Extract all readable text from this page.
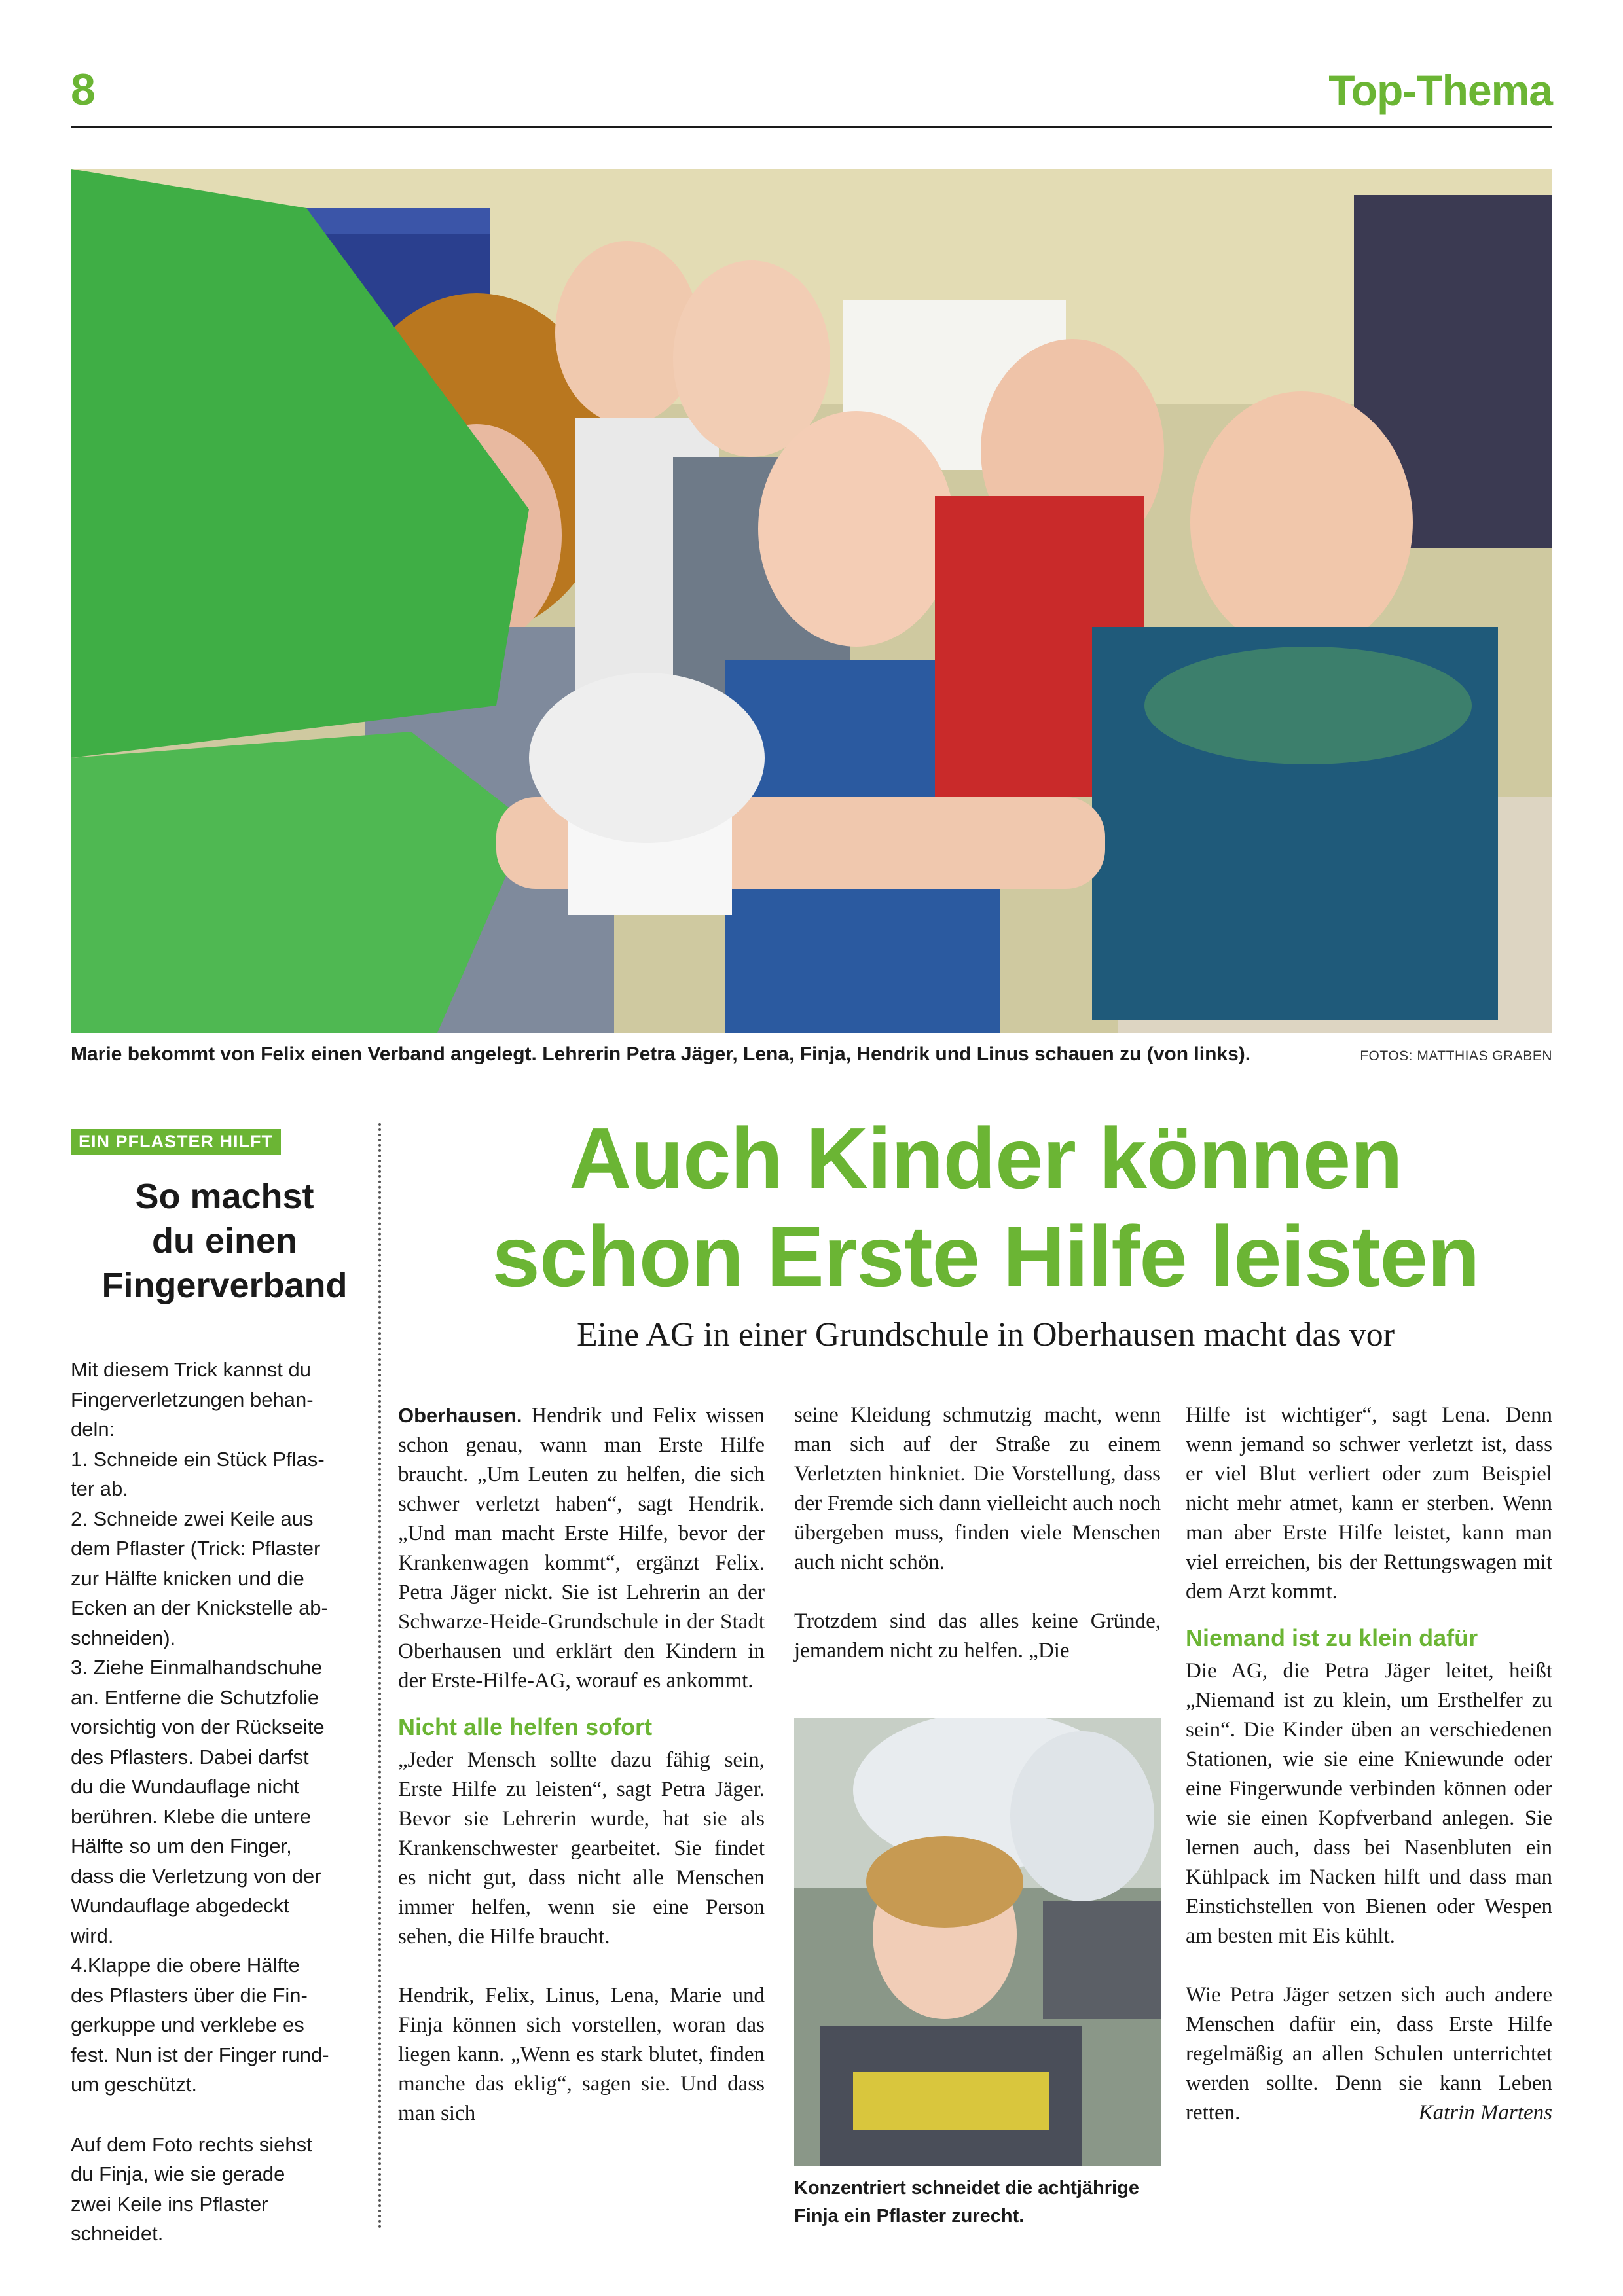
8	Top-Thema
Marie bekommt von Felix einen Verband angelegt. Lehrerin Petra Jäger, Lena, Finja, Hendrik und Linus schauen zu (von links).	FOTOS: MATTHIAS GRABEN
EIN PFLASTER HILFT
So machst
du einen
Fingerverband

Mit diesem Trick kannst du

Fingerverletzungen behan-

deln:

1. Schneide ein Stück Pflas-

ter ab.

2. Schneide zwei Keile aus

dem Pflaster (Trick: Pflaster

zur Hälfte knicken und die

Ecken an der Knickstelle ab-

schneiden).

3. Ziehe Einmalhandschuhe

an. Entferne die Schutzfolie

vorsichtig von der Rückseite

des Pflasters. Dabei darfst

du die Wundauflage nicht

berühren. Klebe die untere

Hälfte so um den Finger,

dass die Verletzung von der

Wundauflage abgedeckt

wird.

4.Klappe die obere Hälfte

des Pflasters über die Fin-

gerkuppe und verklebe es

fest. Nun ist der Finger rund-

um geschützt.

Auf dem Foto rechts siehst

du Finja, wie sie gerade

zwei Keile ins Pflaster

schneidet.

Auch Kinder können
schon Erste Hilfe leisten
Eine AG in einer Grundschule in Oberhausen macht das vor

Oberhausen. Hendrik und Felix wissen schon genau, wann man Erste Hilfe braucht. „Um Leuten zu helfen, die sich schwer verletzt haben“, sagt Hendrik. „Und man macht Erste Hilfe, bevor der Krankenwagen kommt“, ergänzt Felix. Petra Jäger nickt. Sie ist Lehrerin an der Schwarze-Heide-Grundschule in der Stadt Oberhausen und erklärt den Kindern in der Erste-Hilfe-AG, worauf es ankommt.

Nicht alle helfen sofort

„Jeder Mensch sollte dazu fähig sein, Erste Hilfe zu leisten“, sagt Petra Jäger. Bevor sie Lehrerin wurde, hat sie als Krankenschwester gearbeitet. Sie findet es nicht gut, dass nicht alle Menschen immer helfen, wenn sie eine Person sehen, die Hilfe braucht.

Hendrik, Felix, Linus, Lena, Marie und Finja können sich vorstellen, woran das liegen kann. „Wenn es stark blutet, finden manche das eklig“, sagen sie. Und dass man sich

seine Kleidung schmutzig macht, wenn man sich auf der Straße zu einem Verletzten hinkniet. Die Vorstellung, dass der Fremde sich dann vielleicht auch noch übergeben muss, finden viele Menschen auch nicht schön.

Trotzdem sind das alles keine Gründe, jemandem nicht zu helfen. „Die

Konzentriert schneidet die achtjährige Finja ein Pflaster zurecht.

Hilfe ist wichtiger“, sagt Lena. Denn wenn jemand so schwer verletzt ist, dass er viel Blut verliert oder zum Beispiel nicht mehr atmet, kann er sterben. Wenn man aber Erste Hilfe leistet, kann man viel erreichen, bis der Rettungswagen mit dem Arzt kommt.

Niemand ist zu klein dafür

Die AG, die Petra Jäger leitet, heißt „Niemand ist zu klein, um Ersthelfer zu sein“. Die Kinder üben an verschiedenen Stationen, wie sie eine Kniewunde oder eine Fingerwunde verbinden können oder wie sie einen Kopfverband anlegen. Sie lernen auch, dass bei Nasenbluten ein Kühlpack im Nacken hilft und dass man Einstichstellen von Bienen oder Wespen am besten mit Eis kühlt.

Wie Petra Jäger setzen sich auch andere Menschen dafür ein, dass Erste Hilfe regelmäßig an allen Schulen unterrichtet werden sollte. Denn sie kann Leben retten.	Katrin Martens
